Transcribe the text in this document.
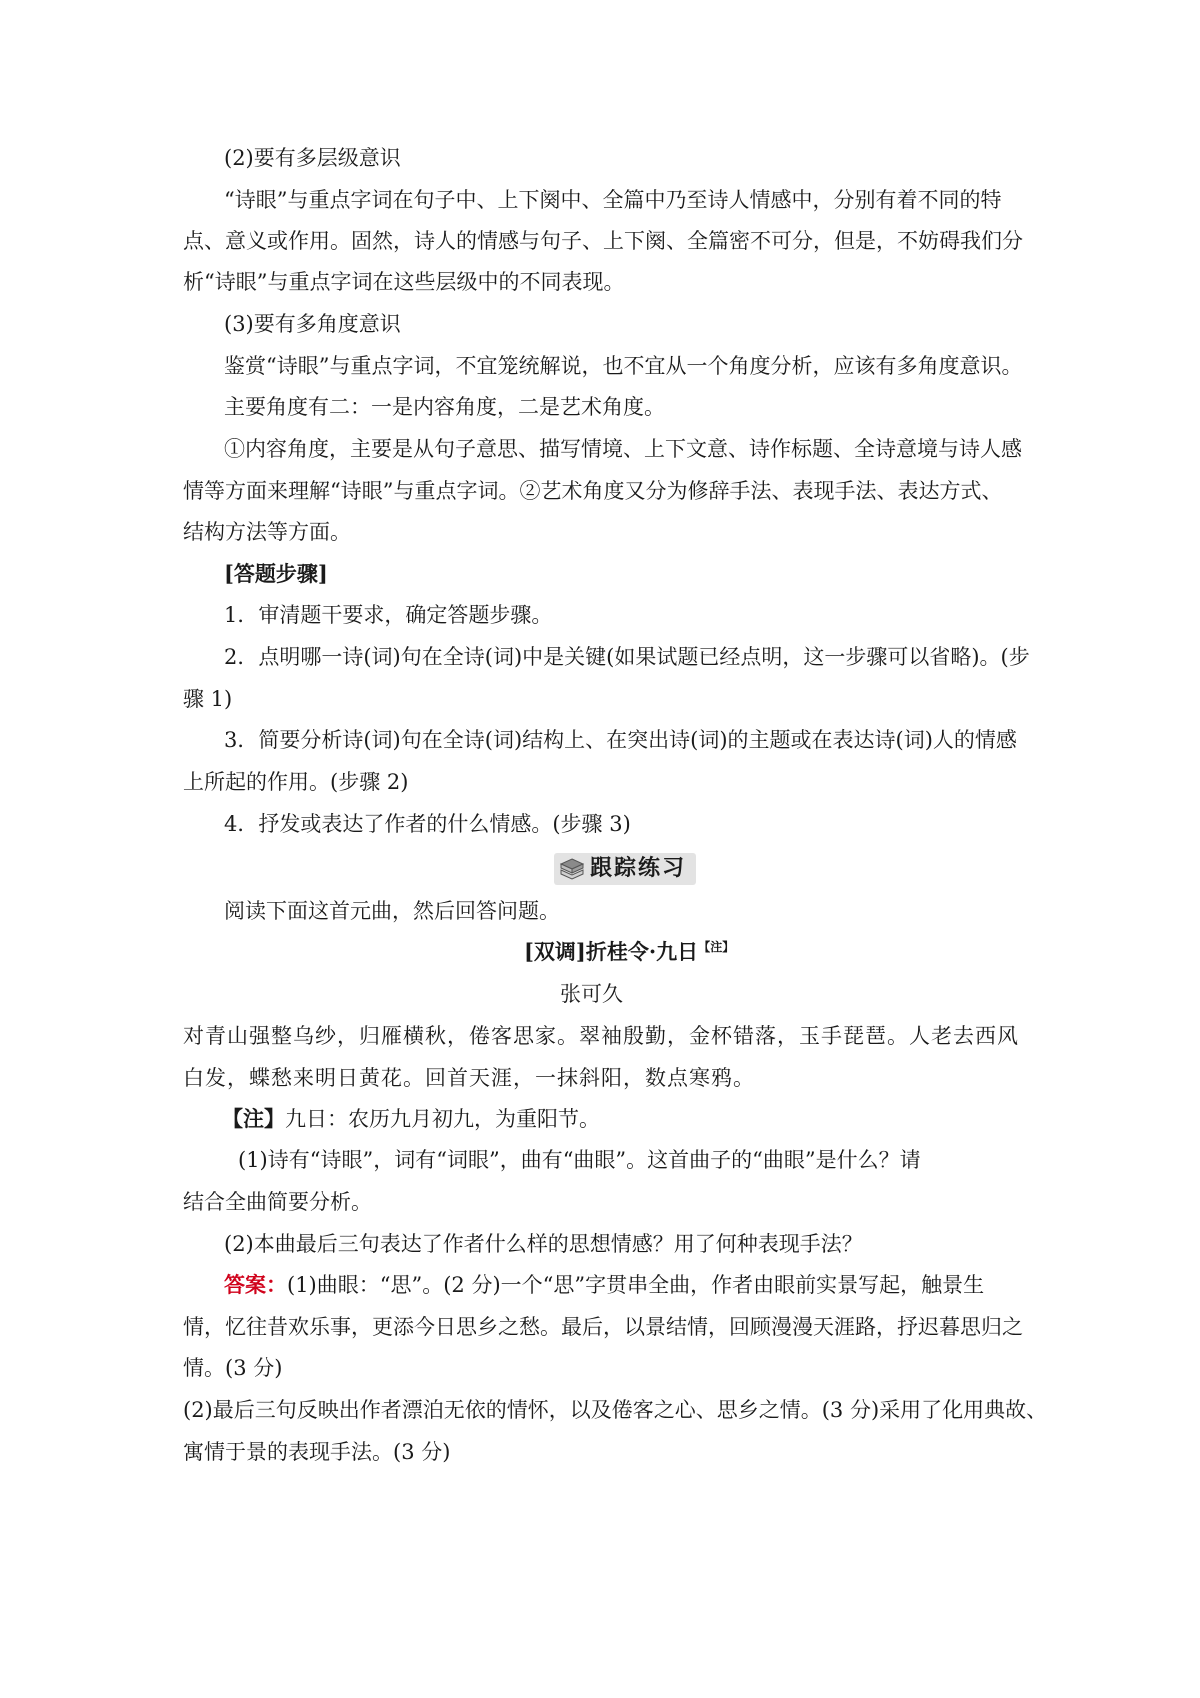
(2)要有多层级意识
“诗眼”与重点字词在句子中、上下阕中、全篇中乃至诗人情感中，分别有着不同的特
点、意义或作用。固然，诗人的情感与句子、上下阕、全篇密不可分，但是，不妨碍我们分
析“诗眼”与重点字词在这些层级中的不同表现。
(3)要有多角度意识
鉴赏“诗眼”与重点字词，不宜笼统解说，也不宜从一个角度分析，应该有多角度意识。
主要角度有二：一是内容角度，二是艺术角度。
①内容角度，主要是从句子意思、描写情境、上下文意、诗作标题、全诗意境与诗人感
情等方面来理解“诗眼”与重点字词。②艺术角度又分为修辞手法、表现手法、表达方式、
结构方法等方面。
[答题步骤]
1．审清题干要求，确定答题步骤。
2．点明哪一诗(词)句在全诗(词)中是关键(如果试题已经点明，这一步骤可以省略)。(步
骤 1)
3．简要分析诗(词)句在全诗(词)结构上、在突出诗(词)的主题或在表达诗(词)人的情感
上所起的作用。(步骤 2)
4．抒发或表达了作者的什么情感。(步骤 3)
跟踪练习
阅读下面这首元曲，然后回答问题。
[双调]折桂令·九日$^{【注】}$
张可久
对青山强整乌纱，归雁横秋，倦客思家。翠袖殷勤，金杯错落，玉手琵琶。人老去西风
白发，蝶愁来明日黄花。回首天涯，一抹斜阳，数点寒鸦。
【注】九日：农历九月初九，为重阳节。
(1)诗有“诗眼”，词有“词眼”，曲有“曲眼”。这首曲子的“曲眼”是什么？请
结合全曲简要分析。
(2)本曲最后三句表达了作者什么样的思想情感？用了何种表现手法？
答案：(1)曲眼：“思”。(2 分)一个“思”字贯串全曲，作者由眼前实景写起，触景生
情，忆往昔欢乐事，更添今日思乡之愁。最后，以景结情，回顾漫漫天涯路，抒迟暮思归之
情。(3 分)
(2)最后三句反映出作者漂泊无依的情怀，以及倦客之心、思乡之情。(3 分)采用了化用典故、
寓情于景的表现手法。(3 分)
